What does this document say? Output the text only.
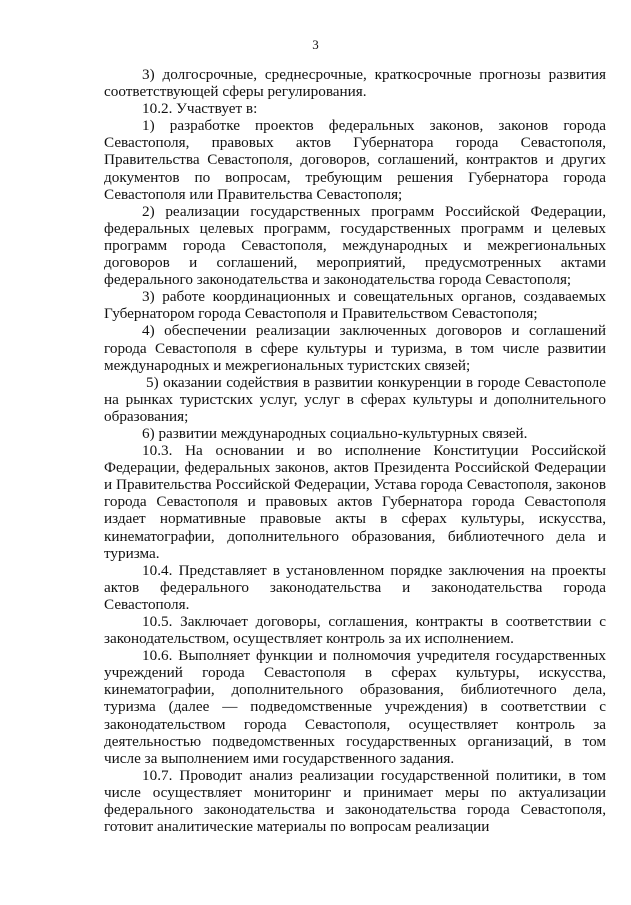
3

3) долгосрочные, среднесрочные, краткосрочные прогнозы развития соответствующей сферы регулирования.

10.2. Участвует в:

1) разработке проектов федеральных законов, законов города Севастополя, правовых актов Губернатора города Севастополя, Правительства Севастополя, договоров, соглашений, контрактов и других документов по вопросам, требующим решения Губернатора города Севастополя или Правительства Севастополя;

2) реализации государственных программ Российской Федерации, федеральных целевых программ, государственных программ и целевых программ города Севастополя, международных и межрегиональных договоров и соглашений, мероприятий, предусмотренных актами федерального законодательства и законодательства города Севастополя;

3) работе координационных и совещательных органов, создаваемых Губернатором города Севастополя и Правительством Севастополя;

4) обеспечении реализации заключенных договоров и соглашений города Севастополя в сфере культуры и туризма, в том числе развитии международных и межрегиональных туристских связей;

5) оказании содействия в развитии конкуренции в городе Севастополе на рынках туристских услуг, услуг в сферах культуры и дополнительного образования;

6) развитии международных социально-культурных связей.

10.3. На основании и во исполнение Конституции Российской Федерации, федеральных законов, актов Президента Российской Федерации и Правительства Российской Федерации, Устава города Севастополя, законов города Севастополя и правовых актов Губернатора города Севастополя издает нормативные правовые акты в сферах культуры, искусства, кинематографии, дополнительного образования, библиотечного дела и туризма.

10.4. Представляет в установленном порядке заключения на проекты актов федерального законодательства и законодательства города Севастополя.

10.5. Заключает договоры, соглашения, контракты в соответствии с законодательством, осуществляет контроль за их исполнением.

10.6. Выполняет функции и полномочия учредителя государственных учреждений города Севастополя в сферах культуры, искусства, кинематографии, дополнительного образования, библиотечного дела, туризма (далее — подведомственные учреждения) в соответствии с законодательством города Севастополя, осуществляет контроль за деятельностью подведомственных государственных организаций, в том числе за выполнением ими государственного задания.

10.7. Проводит анализ реализации государственной политики, в том числе осуществляет мониторинг и принимает меры по актуализации федерального законодательства и законодательства города Севастополя, готовит аналитические материалы по вопросам реализации
